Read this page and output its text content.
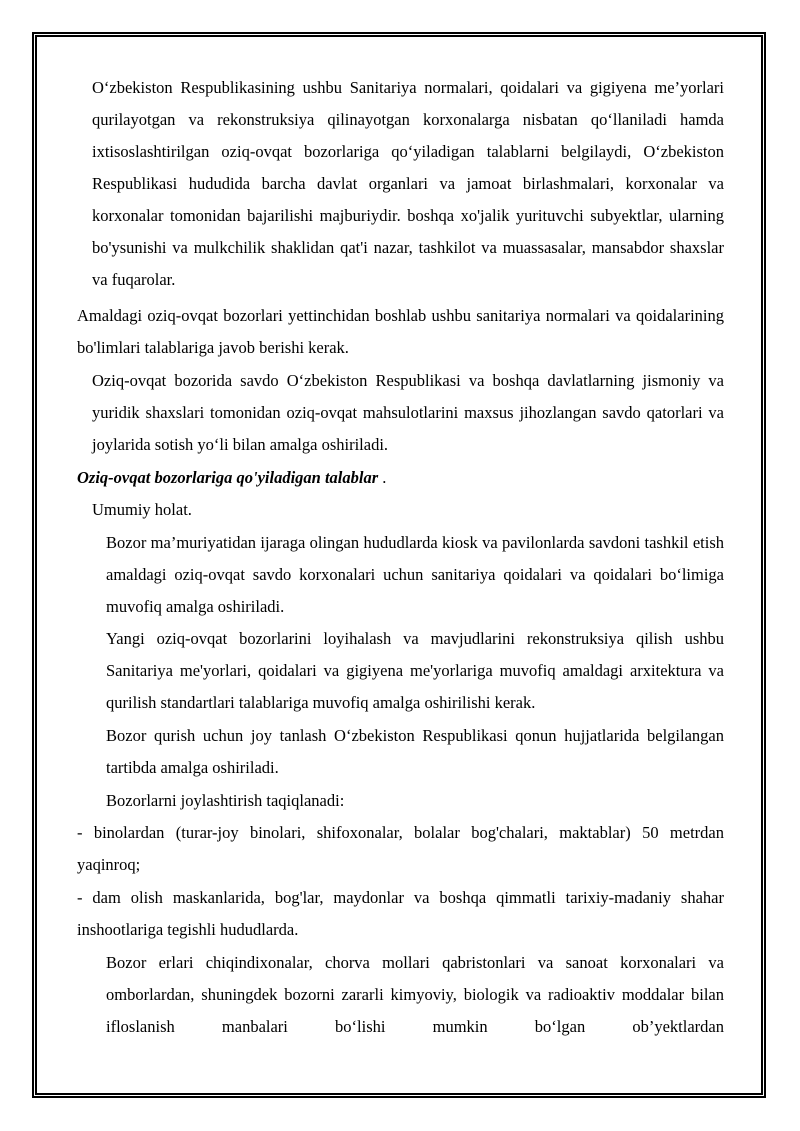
O‘zbekiston Respublikasining ushbu Sanitariya normalari, qoidalari va gigiyena me’yorlari qurilayotgan va rekonstruksiya qilinayotgan korxonalarga nisbatan qo‘llaniladi hamda ixtisoslashtirilgan oziq-ovqat bozorlariga qo‘yiladigan talablarni belgilaydi, O‘zbekiston Respublikasi hududida barcha davlat organlari va jamoat birlashmalari, korxonalar va korxonalar tomonidan bajarilishi majburiydir. boshqa xo'jalik yurituvchi subyektlar, ularning bo'ysunishi va mulkchilik shaklidan qat'i nazar, tashkilot va muassasalar, mansabdor shaxslar va fuqarolar.

Amaldagi oziq-ovqat bozorlari yettinchidan boshlab ushbu sanitariya normalari va qoidalarining bo'limlari talablariga javob berishi kerak.

Oziq-ovqat bozorida savdo O‘zbekiston Respublikasi va boshqa davlatlarning jismoniy va yuridik shaxslari tomonidan oziq-ovqat mahsulotlarini maxsus jihozlangan savdo qatorlari va joylarida sotish yo‘li bilan amalga oshiriladi.

Oziq-ovqat bozorlariga qo'yiladigan talablar .

Umumiy holat.

Bozor ma’muriyatidan ijaraga olingan hududlarda kiosk va pavilonlarda savdoni tashkil etish amaldagi oziq-ovqat savdo korxonalari uchun sanitariya qoidalari va qoidalari bo‘limiga muvofiq amalga oshiriladi.

Yangi oziq-ovqat bozorlarini loyihalash va mavjudlarini rekonstruksiya qilish ushbu Sanitariya me'yorlari, qoidalari va gigiyena me'yorlariga muvofiq amaldagi arxitektura va qurilish standartlari talablariga muvofiq amalga oshirilishi kerak.

Bozor qurish uchun joy tanlash O‘zbekiston Respublikasi qonun hujjatlarida belgilangan tartibda amalga oshiriladi.

Bozorlarni joylashtirish taqiqlanadi:

- binolardan (turar-joy binolari, shifoxonalar, bolalar bog'chalari, maktablar) 50 metrdan yaqinroq;

- dam olish maskanlarida, bog'lar, maydonlar va boshqa qimmatli tarixiy-madaniy shahar inshootlariga tegishli hududlarda.

Bozor erlari chiqindixonalar, chorva mollari qabristonlari va sanoat korxonalari va omborlardan, shuningdek bozorni zararli kimyoviy, biologik va radioaktiv moddalar bilan ifloslanish manbalari bo‘lishi mumkin bo‘lgan ob’yektlardan
